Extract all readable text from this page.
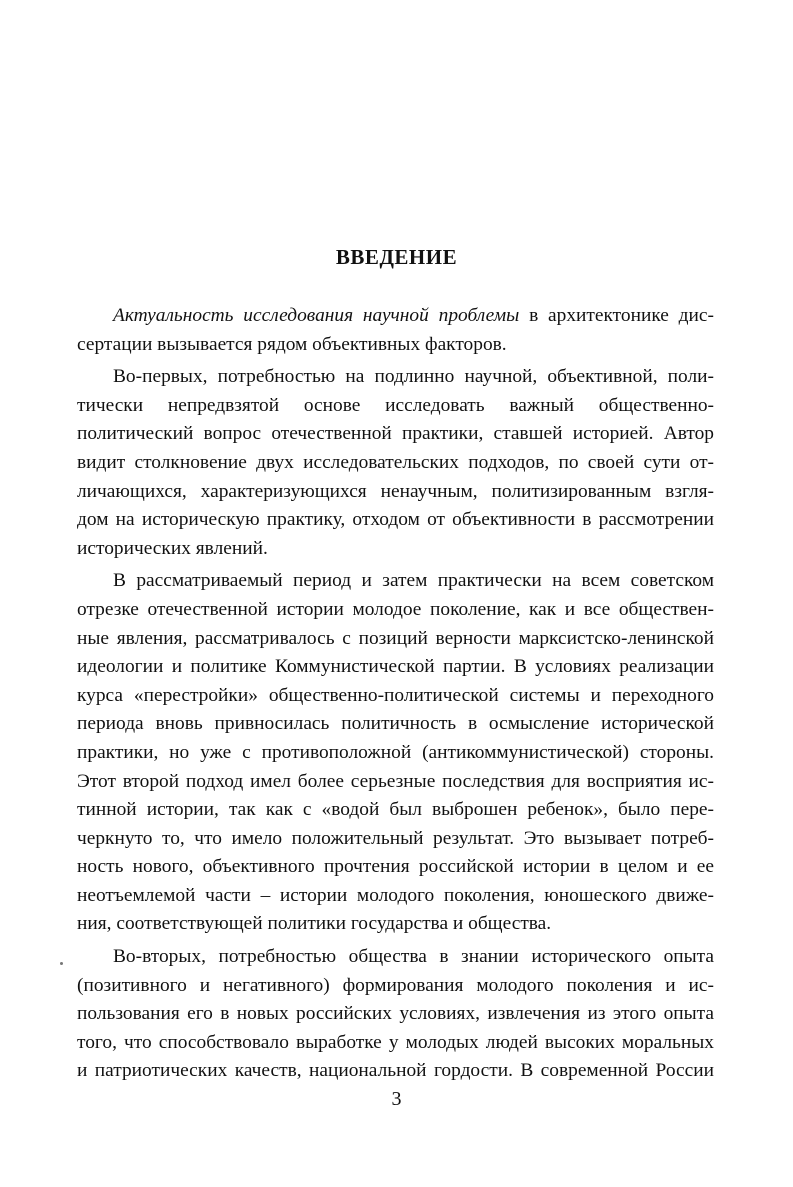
ВВЕДЕНИЕ
Актуальность исследования научной проблемы в архитектонике дис-
сертации вызывается рядом объективных факторов.
Во-первых, потребностью на подлинно научной, объективной, поли-
тически непредвзятой основе исследовать важный общественно-
политический вопрос отечественной практики, ставшей историей. Автор
видит столкновение двух исследовательских подходов, по своей сути от-
личающихся, характеризующихся ненаучным, политизированным взгля-
дом на историческую практику, отходом от объективности в рассмотрении
исторических явлений.
В рассматриваемый период и затем практически на всем советском
отрезке отечественной истории молодое поколение, как и все обществен-
ные явления, рассматривалось с позиций верности марксистско-ленинской
идеологии и политике Коммунистической партии. В условиях реализации
курса «перестройки» общественно-политической системы и переходного
периода вновь привносилась политичность в осмысление исторической
практики, но уже с противоположной (антикоммунистической) стороны.
Этот второй подход имел более серьезные последствия для восприятия ис-
тинной истории, так как с «водой был выброшен ребенок», было пере-
черкнуто то, что имело положительный результат. Это вызывает потреб-
ность нового, объективного прочтения российской истории в целом и ее
неотъемлемой части – истории молодого поколения, юношеского движе-
ния, соответствующей политики государства и общества.
Во-вторых, потребностью общества в знании исторического опыта
(позитивного и негативного) формирования молодого поколения и ис-
пользования его в новых российских условиях, извлечения из этого опыта
того, что способствовало выработке у молодых людей высоких моральных
и патриотических качеств, национальной гордости. В современной России
3
